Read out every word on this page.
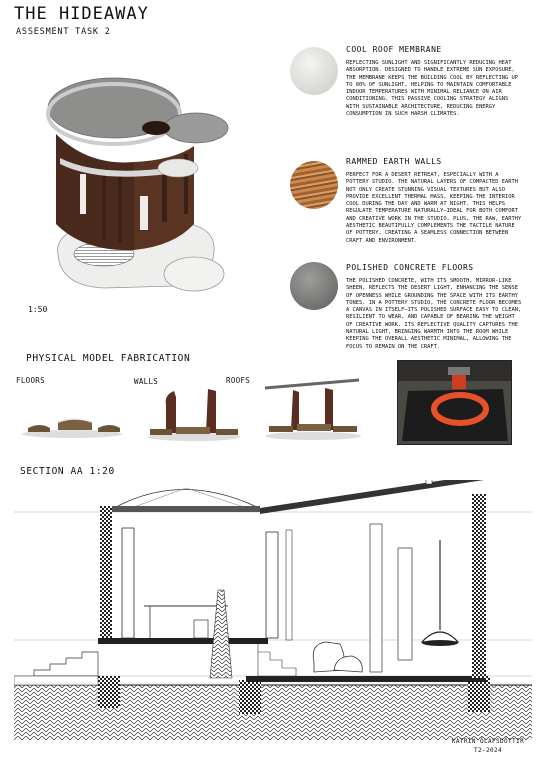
THE HIDEAWAY
ASSESMENT TASK 2
1:50
COOL ROOF MEMBRANE
REFLECTING SUNLIGHT AND SIGNIFICANTLY REDUCING HEAT ABSORPTION. DESIGNED TO HANDLE EXTREME SUN EXPOSURE, THE MEMBRANE KEEPS THE BUILDING COOL BY REFLECTING UP TO 80% OF SUNLIGHT, HELPING TO MAINTAIN COMFORTABLE INDOOR TEMPERATURES WITH MINIMAL RELIANCE ON AIR CONDITIONING. THIS PASSIVE COOLING STRATEGY ALIGNS WITH SUSTAINABLE ARCHITECTURE, REDUCING ENERGY CONSUMPTION IN SUCH HARSH CLIMATES.
RAMMED EARTH WALLS
PERFECT FOR A DESERT RETREAT, ESPECIALLY WITH A POTTERY STUDIO. THE NATURAL LAYERS OF COMPACTED EARTH NOT ONLY CREATE STUNNING VISUAL TEXTURES BUT ALSO PROVIDE EXCELLENT THERMAL MASS, KEEPING THE INTERIOR COOL DURING THE DAY AND WARM AT NIGHT. THIS HELPS REGULATE TEMPERATURE NATURALLY—IDEAL FOR BOTH COMFORT AND CREATIVE WORK IN THE STUDIO. PLUS, THE RAW, EARTHY AESTHETIC BEAUTIFULLY COMPLEMENTS THE TACTILE NATURE OF POTTERY, CREATING A SEAMLESS CONNECTION BETWEEN CRAFT AND ENVIRONMENT.
POLISHED CONCRETE FLOORS
THE POLISHED CONCRETE, WITH ITS SMOOTH, MIRROR-LIKE SHEEN, REFLECTS THE DESERT LIGHT, ENHANCING THE SENSE OF OPENNESS WHILE GROUNDING THE SPACE WITH ITS EARTHY TONES. IN A POTTERY STUDIO, THE CONCRETE FLOOR BECOMES A CANVAS IN ITSELF—ITS POLISHED SURFACE EASY TO CLEAN, RESILIENT TO WEAR, AND CAPABLE OF BEARING THE WEIGHT OF CREATIVE WORK. ITS REFLECTIVE QUALITY CAPTURES THE NATURAL LIGHT, BRINGING WARMTH INTO THE ROOM WHILE KEEPING THE OVERALL AESTHETIC MINIMAL, ALLOWING THE FOCUS TO REMAIN ON THE CRAFT.
PHYSICAL MODEL FABRICATION
FLOORS	WALLS	ROOFS
SECTION AA 1:20
KATRÍN ÓLAFSDÓTTIR
T2-2024
